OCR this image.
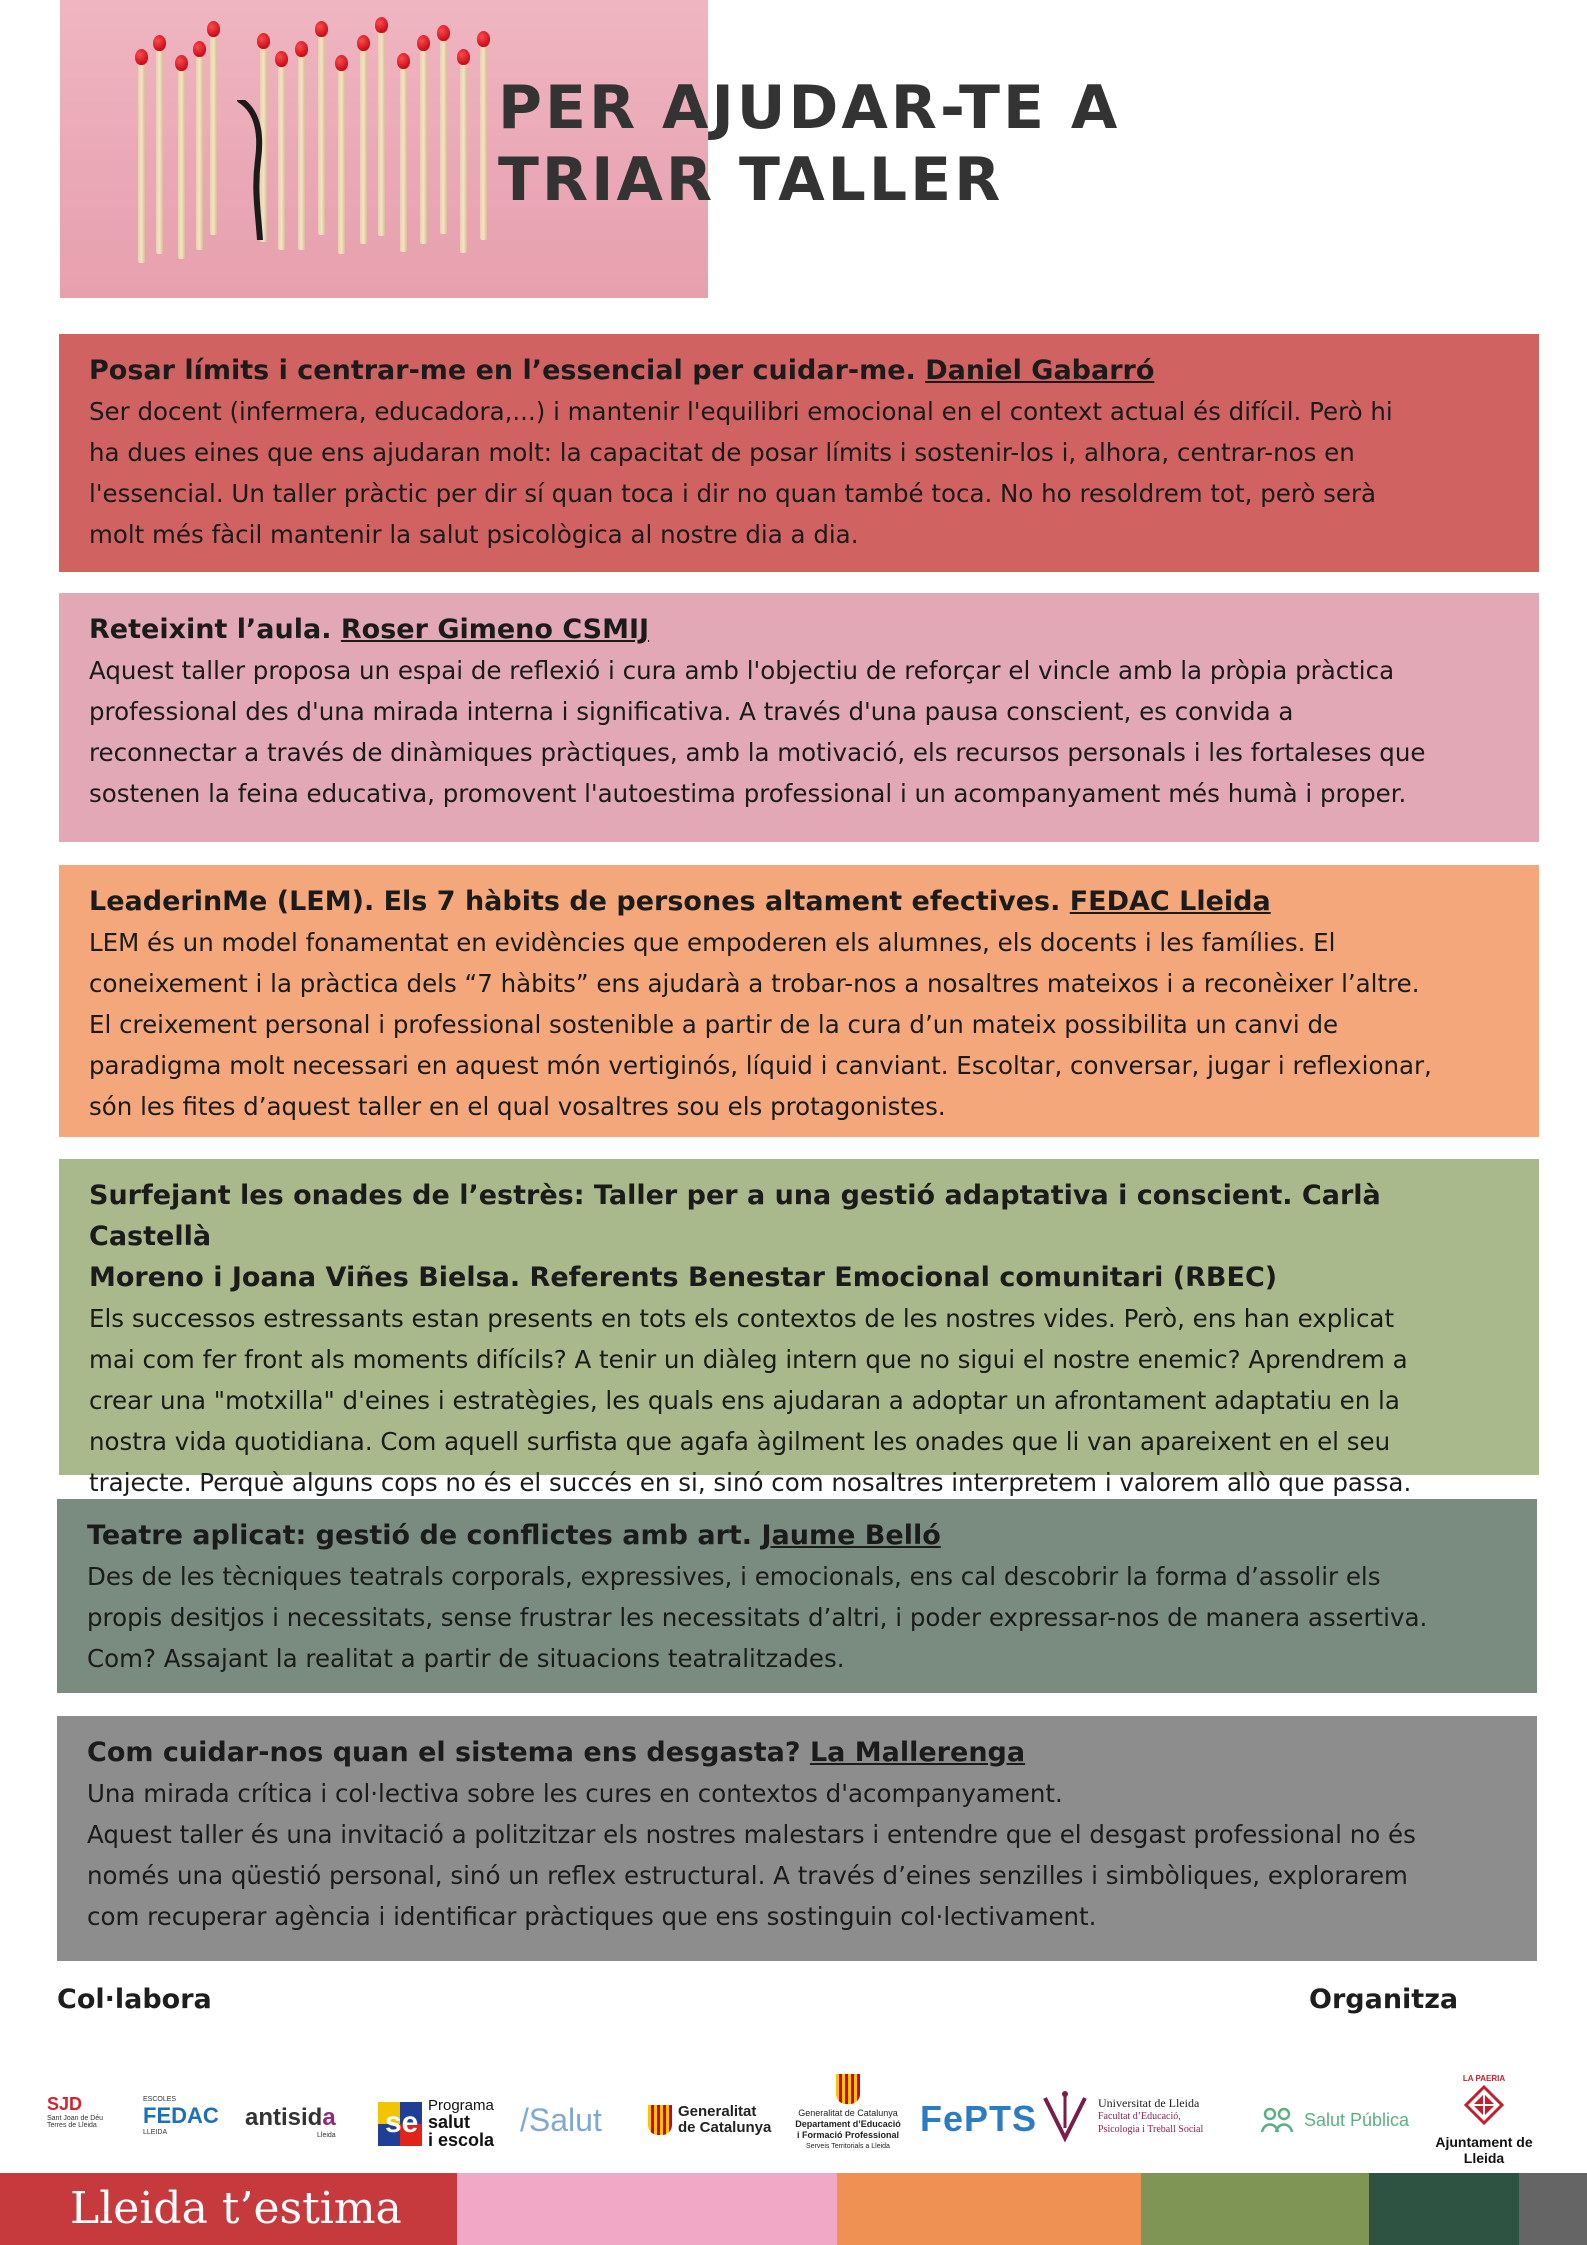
PER AJUDAR-TE A
TRIAR TALLER
Posar límits i centrar-me en l’essencial per cuidar-me. Daniel Gabarró
Ser docent (infermera, educadora,...) i mantenir l'equilibri emocional en el context actual és difícil. Però hi
ha dues eines que ens ajudaran molt: la capacitat de posar límits i sostenir-los i, alhora, centrar-nos en
l'essencial. Un taller pràctic per dir sí quan toca i dir no quan també toca. No ho resoldrem tot, però serà
molt més fàcil mantenir la salut psicològica al nostre dia a dia.
Reteixint l’aula. Roser Gimeno CSMIJ
Aquest taller proposa un espai de reflexió i cura amb l'objectiu de reforçar el vincle amb la pròpia pràctica
professional des d'una mirada interna i significativa. A través d'una pausa conscient, es convida a
reconnectar a través de dinàmiques pràctiques, amb la motivació, els recursos personals i les fortaleses que
sostenen la feina educativa, promovent l'autoestima professional i un acompanyament més humà i proper.
LeaderinMe (LEM). Els 7 hàbits de persones altament efectives. FEDAC Lleida
LEM és un model fonamentat en evidències que empoderen els alumnes, els docents i les famílies. El
coneixement i la pràctica dels “7 hàbits” ens ajudarà a trobar-nos a nosaltres mateixos i a reconèixer l’altre.
El creixement personal i professional sostenible a partir de la cura d’un mateix possibilita un canvi de
paradigma molt necessari en aquest món vertiginós, líquid i canviant. Escoltar, conversar, jugar i reflexionar,
són les fites d’aquest taller en el qual vosaltres sou els protagonistes.
Surfejant les onades de l’estrès: Taller per a una gestió adaptativa i conscient. Carlà Castellà
Moreno i Joana Viñes Bielsa. Referents Benestar Emocional comunitari (RBEC)
Els successos estressants estan presents en tots els contextos de les nostres vides. Però, ens han explicat
mai com fer front als moments difícils? A tenir un diàleg intern que no sigui el nostre enemic? Aprendrem a
crear una "motxilla" d'eines i estratègies, les quals ens ajudaran a adoptar un afrontament adaptatiu en la
nostra vida quotidiana. Com aquell surfista que agafa àgilment les onades que li van apareixent en el seu
trajecte. Perquè alguns cops no és el succés en si, sinó com nosaltres interpretem i valorem allò que passa.
Teatre aplicat: gestió de conflictes amb art. Jaume Belló
Des de les tècniques teatrals corporals, expressives, i emocionals, ens cal descobrir la forma d’assolir els
propis desitjos i necessitats, sense frustrar les necessitats d’altri, i poder expressar-nos de manera assertiva.
Com? Assajant la realitat a partir de situacions teatralitzades.
Com cuidar-nos quan el sistema ens desgasta? La Mallerenga
Una mirada crítica i col·lectiva sobre les cures en contextos d'acompanyament.
Aquest taller és una invitació a politzitzar els nostres malestars i entendre que el desgast professional no és
només una qüestió personal, sinó un reflex estructural. A través d’eines senzilles i simbòliques, explorarem
com recuperar agència i identificar pràctiques que ens sostinguin col·lectivament.
Col·labora	Organitza
SJD
Sant Joan de Déu
Terres de Lleida
ESCOLES
FEDAC
LLEIDA
antisida
Lleida se
Programa
salut
i escola
/Salut	Generalitat
de Catalunya
Generalitat de Catalunya
Departament d’Educació
i Formació Professional
Serveis Territorials a Lleida
FePTS	Universitat de Lleida
Facultat d’Educació,
Psicologia i Treball Social	Salut Pública
LA PAERIA
Ajuntament de Lleida
Lleida t’estima
